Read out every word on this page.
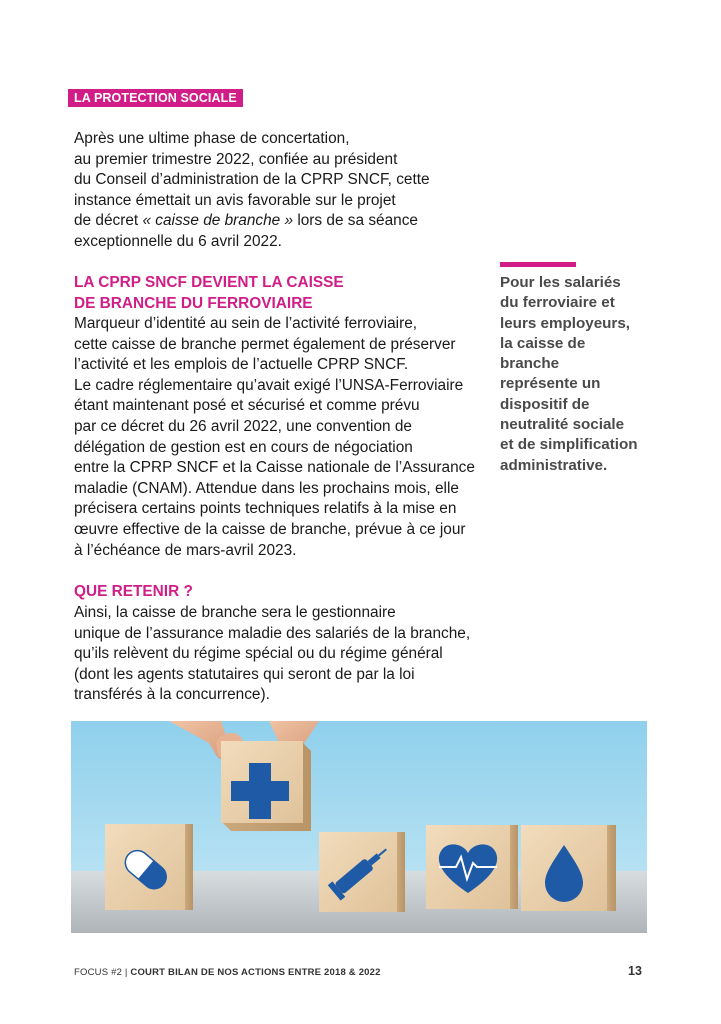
LA PROTECTION SOCIALE

Après une ultime phase de concertation,
au premier trimestre 2022, confiée au président
du Conseil d’administration de la CPRP SNCF, cette
instance émettait un avis favorable sur le projet
de décret « caisse de branche » lors de sa séance
exceptionnelle du 6 avril 2022.

LA CPRP SNCF DEVIENT LA CAISSE
DE BRANCHE DU FERROVIAIRE

Marqueur d’identité au sein de l’activité ferroviaire,
cette caisse de branche permet également de préserver
l’activité et les emplois de l’actuelle CPRP SNCF.
Le cadre réglementaire qu’avait exigé l’UNSA-Ferroviaire
étant maintenant posé et sécurisé et comme prévu
par ce décret du 26 avril 2022, une convention de
délégation de gestion est en cours de négociation
entre la CPRP SNCF et la Caisse nationale de l’Assurance
maladie (CNAM). Attendue dans les prochains mois, elle
précisera certains points techniques relatifs à la mise en
œuvre effective de la caisse de branche, prévue à ce jour
à l’échéance de mars-avril 2023.

QUE RETENIR ?

Ainsi, la caisse de branche sera le gestionnaire
unique de l’assurance maladie des salariés de la branche,
qu’ils relèvent du régime spécial ou du régime général
(dont les agents statutaires qui seront de par la loi
transférés à la concurrence).

Pour les salariés
du ferroviaire et
leurs employeurs,
la caisse de branche
représente un
dispositif de
neutralité sociale
et de simplification
administrative.

FOCUS #2 | COURT BILAN DE NOS ACTIONS ENTRE 2018 & 2022	13
